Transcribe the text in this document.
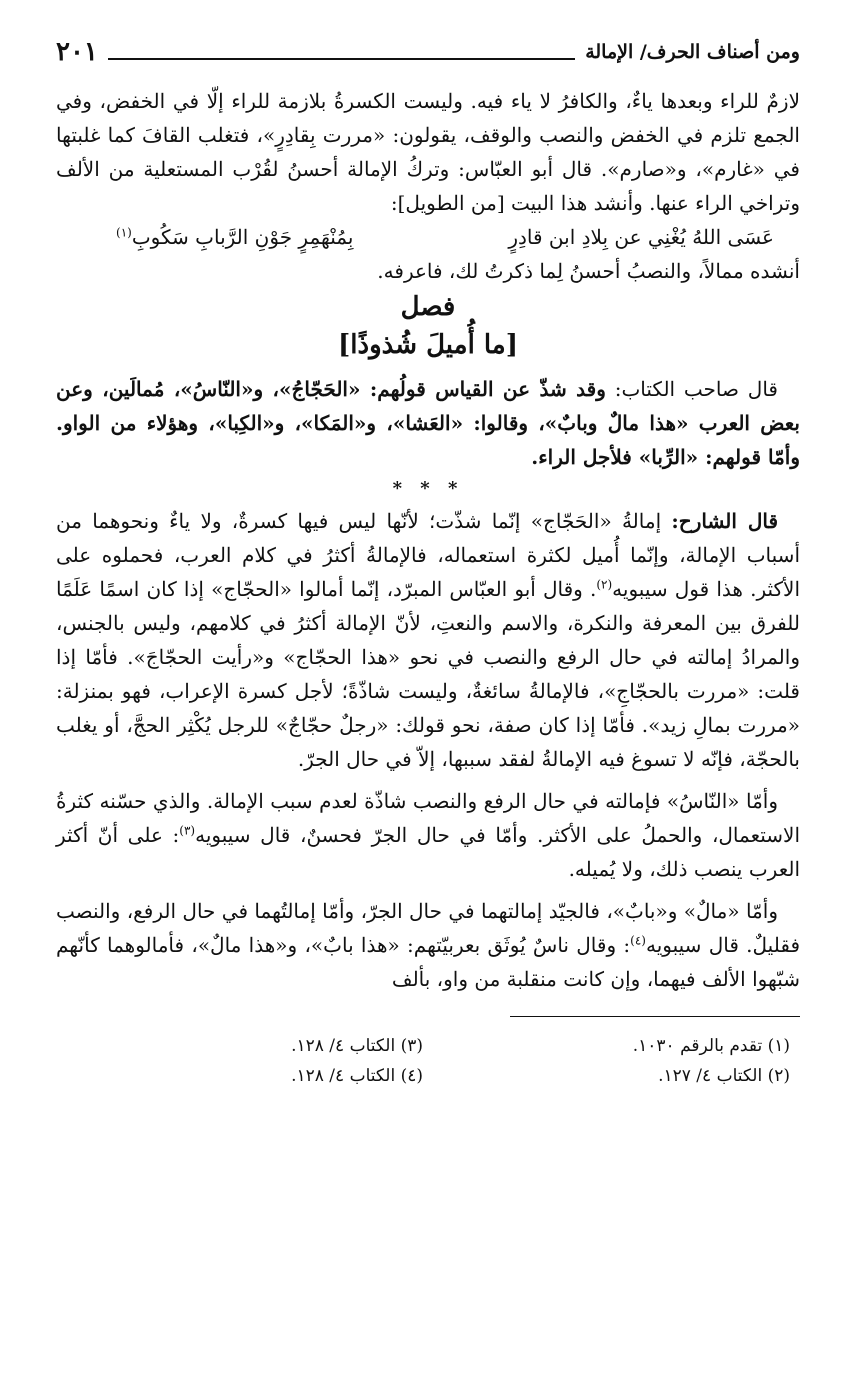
ومن أصناف الحرف/ الإمالة
٢٠١

لازمٌ للراء وبعدها ياءٌ، والكافرُ لا ياء فيه. وليست الكسرةُ بلازمة للراء إلّا في الخفض، وفي الجمع تلزم في الخفض والنصب والوقف، يقولون: «مررت بِقادِرٍ»، فتغلب القافَ كما غلبتها في «غارم»، و«صارم». قال أبو العبّاس: وتركُ الإمالة أحسنُ لقُرْب المستعلية من الألف وتراخي الراء عنها. وأنشد هذا البيت [من الطويل]:

عَسَى اللهُ يُغْنِي عن بِلادِ ابن قادِرٍ
بِمُنْهَمِرٍ جَوْنِ الرَّبابِ سَكُوبِ$^{(١)}$

أنشده ممالاً، والنصبُ أحسنُ لِما ذكرتُ لك، فاعرفه.

فصل
[ما أُميلَ شُذوذًا]

قال صاحب الكتاب: وقد شذّ عن القياس قولُهم: «الحَجّاجُ»، و«النّاسُ»، مُمالَين، وعن بعض العرب «هذا مالٌ وبابٌ»، وقالوا: «العَشا»، و«المَكا»، و«الكِبا»، وهؤلاء من الواو. وأمّا قولهم: «الرِّبا» فلأجل الراء.

* * *

قال الشارح: إمالةُ «الحَجّاج» إنّما شذّت؛ لأنّها ليس فيها كسرةٌ، ولا ياءٌ ونحوهما من أسباب الإمالة، وإنّما أُميل لكثرة استعماله، فالإمالةُ أكثرُ في كلام العرب، فحملوه على الأكثر. هذا قول سيبويه$^{(٢)}$. وقال أبو العبّاس المبرّد، إنّما أمالوا «الحجّاج» إذا كان اسمًا عَلَمًا للفرق بين المعرفة والنكرة، والاسم والنعتِ، لأنّ الإمالة أكثرُ في كلامهم، وليس بالجنس، والمرادُ إمالته في حال الرفع والنصب في نحو «هذا الحجّاج» و«رأيت الحجّاجَ». فأمّا إذا قلت: «مررت بالحجّاجِ»، فالإمالةُ سائغةٌ، وليست شاذّةً؛ لأجل كسرة الإعراب، فهو بمنزلة: «مررت بمالِ زيد». فأمّا إذا كان صفة، نحو قولك: «رجلٌ حجّاجٌ» للرجل يُكْثِر الحجَّ، أو يغلب بالحجّة، فإنّه لا تسوغ فيه الإمالةُ لفقد سببها، إلاّ في حال الجرّ.

وأمّا «النّاسُ» فإمالته في حال الرفع والنصب شاذّة لعدم سبب الإمالة. والذي حسّنه كثرةُ الاستعمال، والحملُ على الأكثر. وأمّا في حال الجرّ فحسنٌ، قال سيبويه$^{(٣)}$: على أنّ أكثر العرب ينصب ذلك، ولا يُميله.

وأمّا «مالٌ» و«بابٌ»، فالجيّد إمالتهما في حال الجرّ، وأمّا إمالتُهما في حال الرفع، والنصب فقليلٌ. قال سيبويه$^{(٤)}$: وقال ناسٌ يُوثَق بعربيّتهم: «هذا بابٌ»، و«هذا مالٌ»، فأمالوهما كأنّهم شبّهوا الألف فيهما، وإن كانت منقلبة من واو، بألف

(١) تقدم بالرقم ١٠٣٠.
(٣) الكتاب ٤/ ١٢٨.
(٢) الكتاب ٤/ ١٢٧.
(٤) الكتاب ٤/ ١٢٨.
